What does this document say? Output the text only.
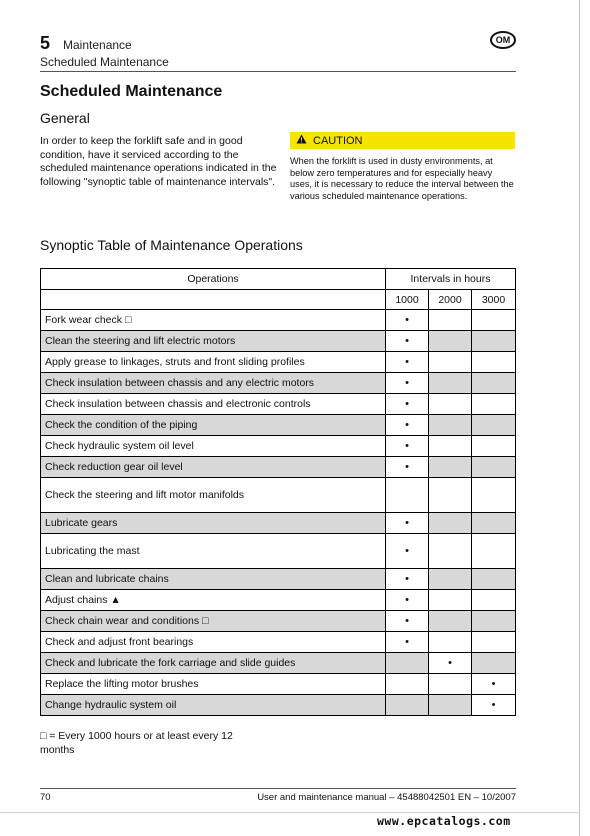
5 Maintenance
Scheduled Maintenance
OM
Scheduled Maintenance
General
In order to keep the forklift safe and in good condition, have it serviced according to the scheduled maintenance operations indicated in the following "synoptic table of maintenance intervals".
CAUTION
When the forklift is used in dusty environments, at below zero temperatures and for especially heavy uses, it is necessary to reduce the interval between the various scheduled maintenance operations.
Synoptic Table of Maintenance Operations
Operations	Intervals in hours		
	1000	2000	3000
Fork wear check □	•		
Clean the steering and lift electric motors	•		
Apply grease to linkages, struts and front sliding profiles	•		
Check insulation between chassis and any electric motors	•		
Check insulation between chassis and electronic controls	•		
Check the condition of the piping	•		
Check hydraulic system oil level	•		
Check reduction gear oil level	•		
Check the steering and lift motor manifolds			
Lubricate gears	•		
Lubricating the mast	•		
Clean and lubricate chains	•		
Adjust chains ▲	•		
Check chain wear and conditions □	•		
Check and adjust front bearings	•		
Check and lubricate the fork carriage and slide guides		•	
Replace the lifting motor brushes			•
Change hydraulic system oil			•
□ = Every 1000 hours or at least every 12 months
70	User and maintenance manual – 45488042501 EN – 10/2007
www.epcatalogs.com
